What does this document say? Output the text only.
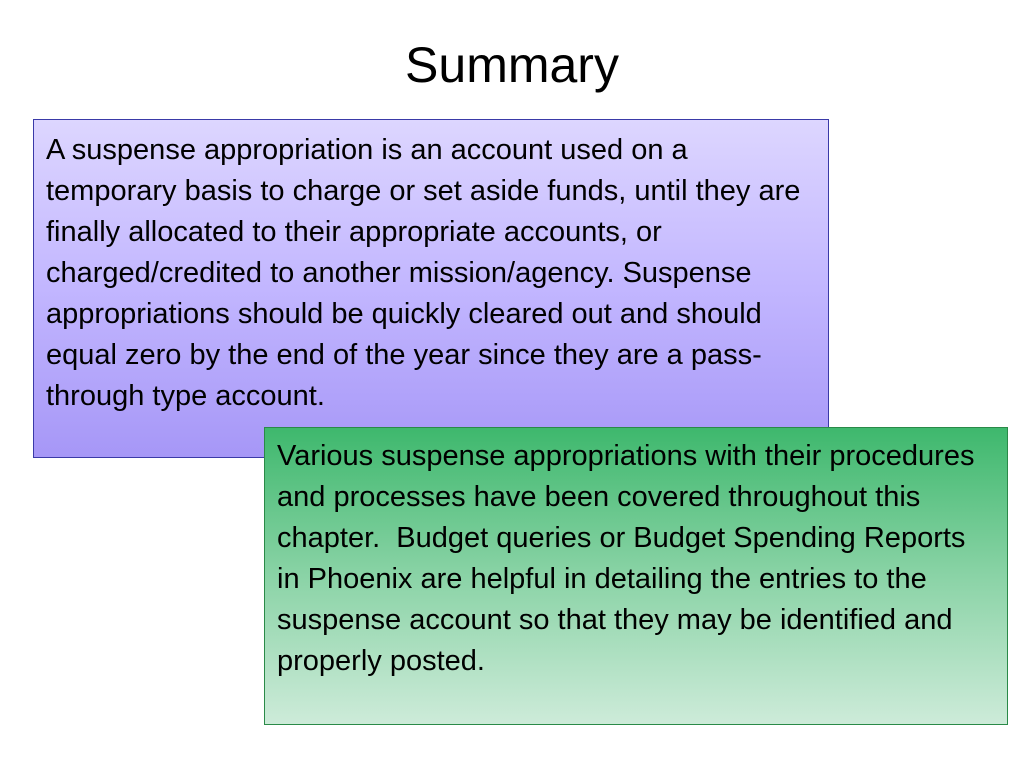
Summary

A suspense appropriation is an account used on a temporary basis to charge or set aside funds, until they are finally allocated to their appropriate accounts, or charged/credited to another mission/agency. Suspense appropriations should be quickly cleared out and should equal zero by the end of the year since they are a pass-through type account.

Various suspense appropriations with their procedures and processes have been covered throughout this chapter.  Budget queries or Budget Spending Reports in Phoenix are helpful in detailing the entries to the suspense account so that they may be identified and properly posted.
